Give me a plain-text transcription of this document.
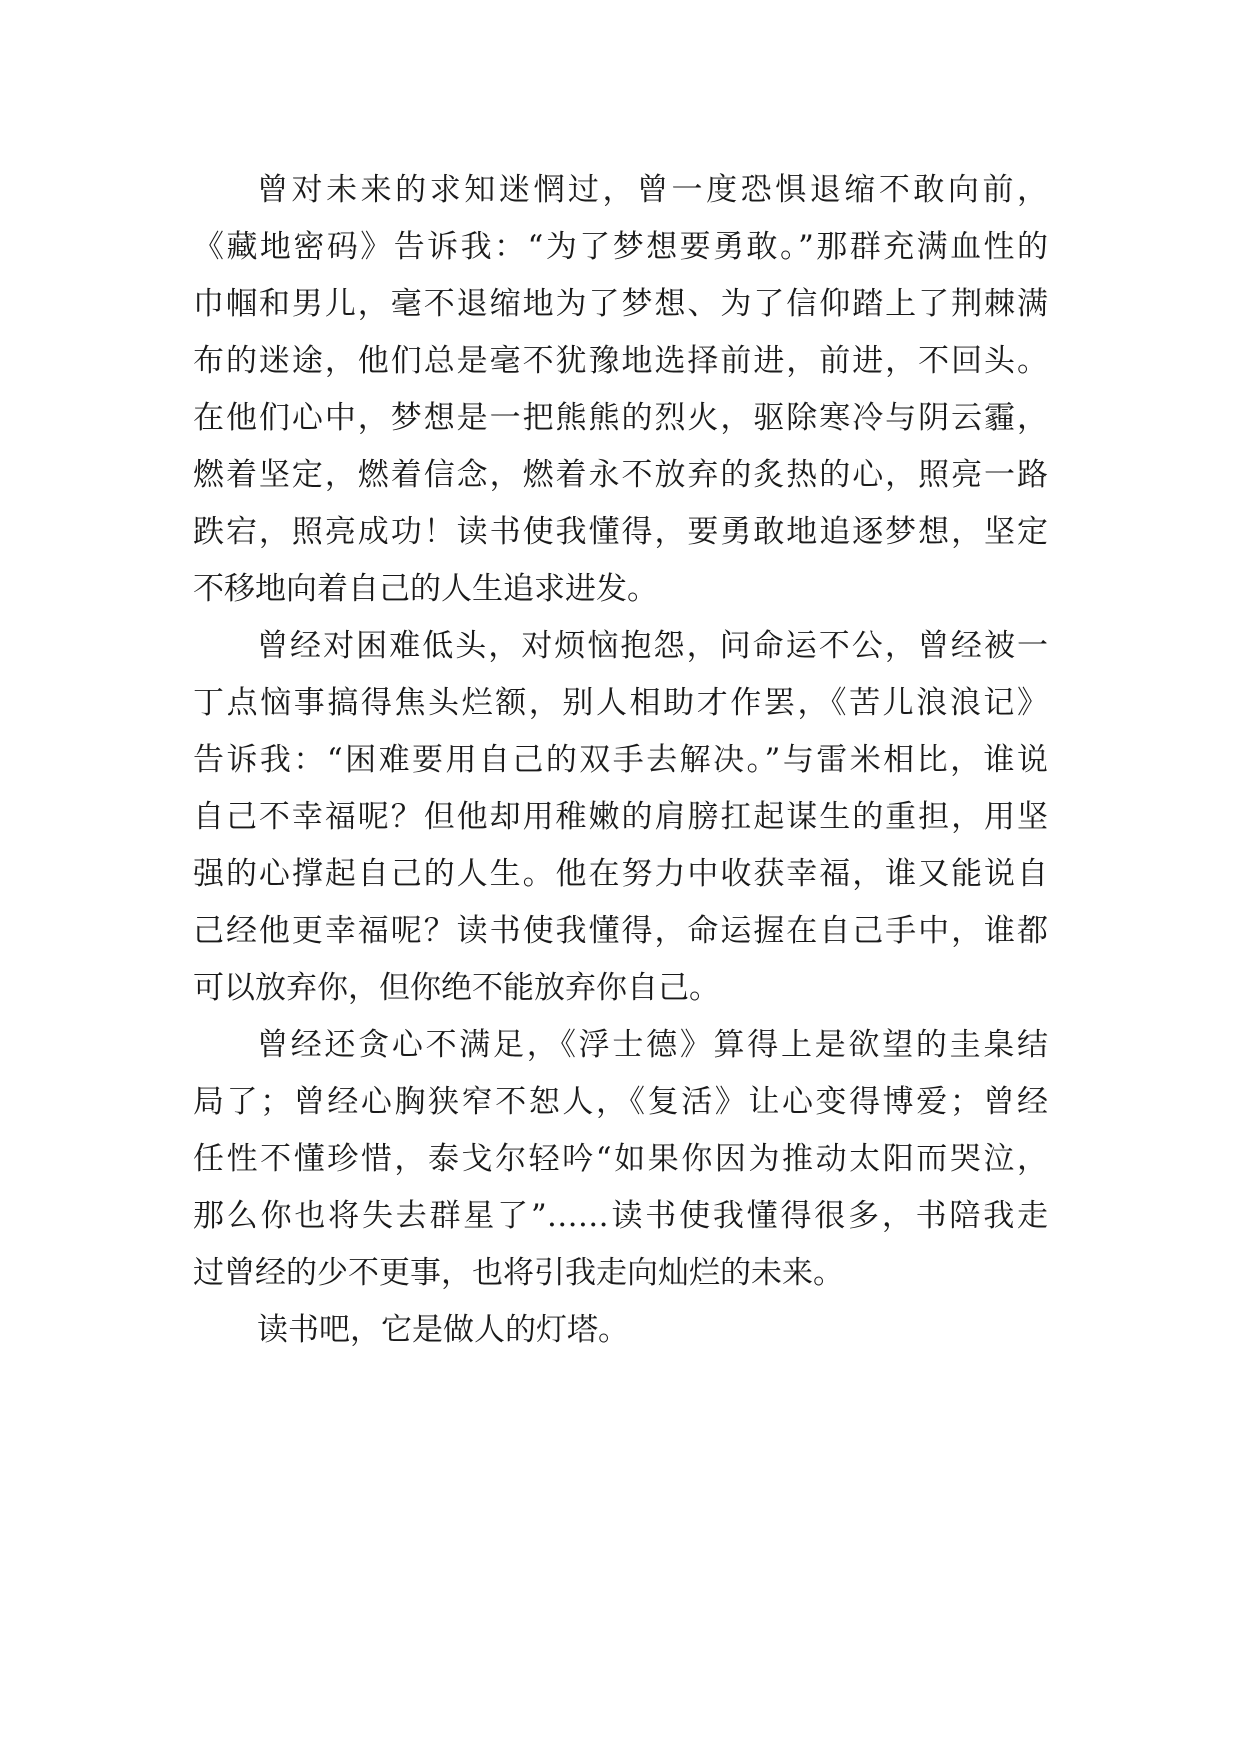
曾对未来的求知迷惘过，曾一度恐惧退缩不敢向前，
《藏地密码》告诉我：“为了梦想要勇敢。”那群充满血性的
巾帼和男儿，毫不退缩地为了梦想、为了信仰踏上了荆棘满
布的迷途，他们总是毫不犹豫地选择前进，前进，不回头。
在他们心中，梦想是一把熊熊的烈火，驱除寒冷与阴云霾，
燃着坚定，燃着信念，燃着永不放弃的炙热的心，照亮一路
跌宕，照亮成功！读书使我懂得，要勇敢地追逐梦想，坚定
不移地向着自己的人生追求进发。
曾经对困难低头，对烦恼抱怨，问命运不公，曾经被一
丁点恼事搞得焦头烂额，别人相助才作罢，《苦儿浪浪记》
告诉我：“困难要用自己的双手去解决。”与雷米相比，谁说
自己不幸福呢？但他却用稚嫩的肩膀扛起谋生的重担，用坚
强的心撑起自己的人生。他在努力中收获幸福，谁又能说自
己经他更幸福呢？读书使我懂得，命运握在自己手中，谁都
可以放弃你，但你绝不能放弃你自己。
曾经还贪心不满足，《浮士德》算得上是欲望的圭臬结
局了；曾经心胸狭窄不恕人，《复活》让心变得博爱；曾经
任性不懂珍惜，泰戈尔轻吟“如果你因为推动太阳而哭泣，
那么你也将失去群星了”……读书使我懂得很多，书陪我走
过曾经的少不更事，也将引我走向灿烂的未来。
读书吧，它是做人的灯塔。
